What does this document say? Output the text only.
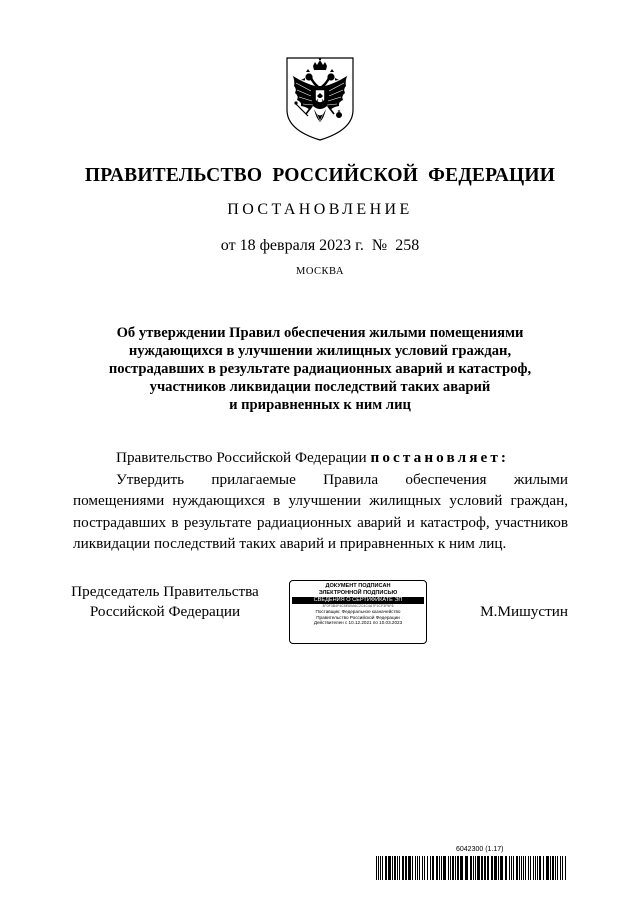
ПРАВИТЕЛЬСТВО РОССИЙСКОЙ ФЕДЕРАЦИИ
ПОСТАНОВЛЕНИЕ
от 18 февраля 2023 г.  №  258
МОСКВА
Об утверждении Правил обеспечения жилыми помещениями
нуждающихся в улучшении жилищных условий граждан,
пострадавших в результате радиационных аварий и катастроф,
участников ликвидации последствий таких аварий
и приравненных к ним лиц
Правительство Российской Федерации постановляет:
Утвердить прилагаемые Правила обеспечения жилыми помещениями нуждающихся в улучшении жилищных условий граждан, пострадавших в результате радиационных аварий и катастроф, участников ликвидации последствий таких аварий и приравненных к ним лиц.
Председатель Правительства
Российской Федерации
ДОКУМЕНТ ПОДПИСАН
ЭЛЕКТРОННОЙ ПОДПИСЬЮ
СВЕДЕНИЯ О СЕРТИФИКАТЕ ЭП
3F0F3B4F4C5E60A6C2C4C4A7F1CF3F5F6
Поставщик: Федеральное казначейство
Правительство Российской Федерации
Действителен с 10.12.2021 по 10.03.2023
М.Мишустин
6042300 (1.17)
